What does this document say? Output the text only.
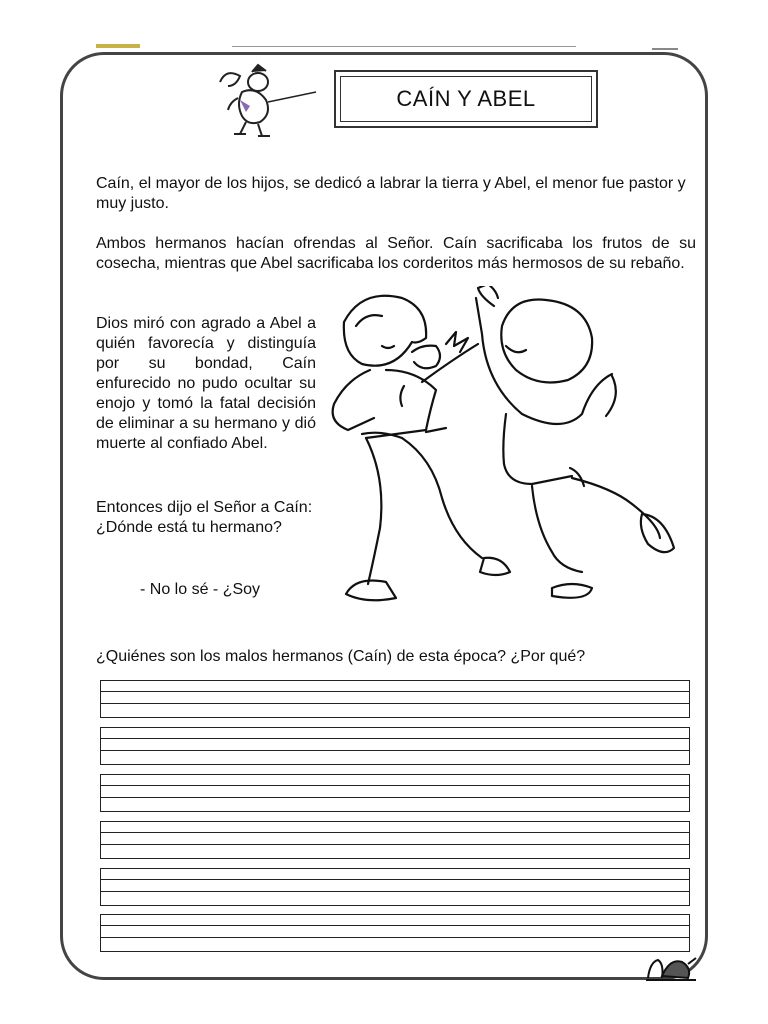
CAÍN Y ABEL

Caín, el mayor de los hijos, se dedicó a labrar la tierra y Abel, el menor fue pastor y muy justo.

Ambos hermanos hacían ofrendas al Señor. Caín sacrificaba los frutos de su cosecha, mientras que Abel sacrificaba los corderitos más hermosos de su rebaño.

Dios miró con agrado a Abel a quién favorecía y distinguía por su bondad, Caín enfurecido no pudo ocultar su enojo y tomó la fatal decisión de eliminar a su hermano y dió muerte al confiado Abel.

Entonces dijo el Señor a Caín:
¿Dónde está tu hermano?

- No lo sé - ¿Soy

¿Quiénes son los malos hermanos (Caín) de esta época? ¿Por qué?
